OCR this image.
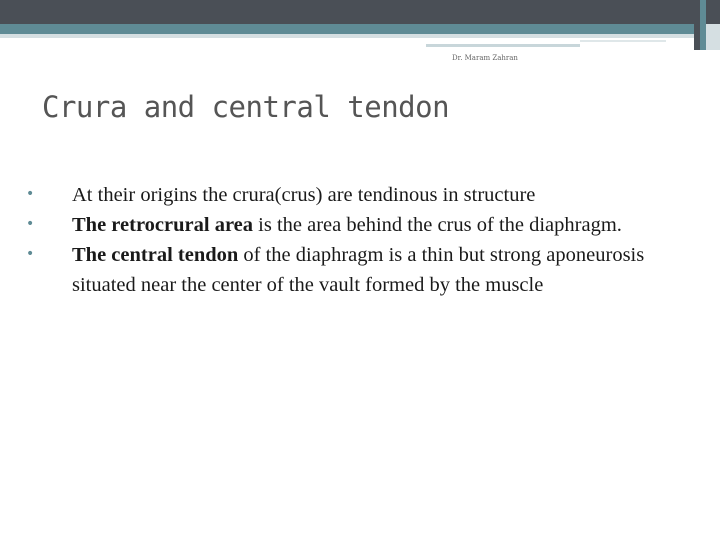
Dr. Maram Zahran
Crura and central tendon
•	At their origins the crura(crus) are tendinous in structure
•	The retrocrural area is the area behind the crus of the diaphragm.
•	The central tendon of the diaphragm is a thin but strong aponeurosis situated near the center of the vault formed by the muscle
